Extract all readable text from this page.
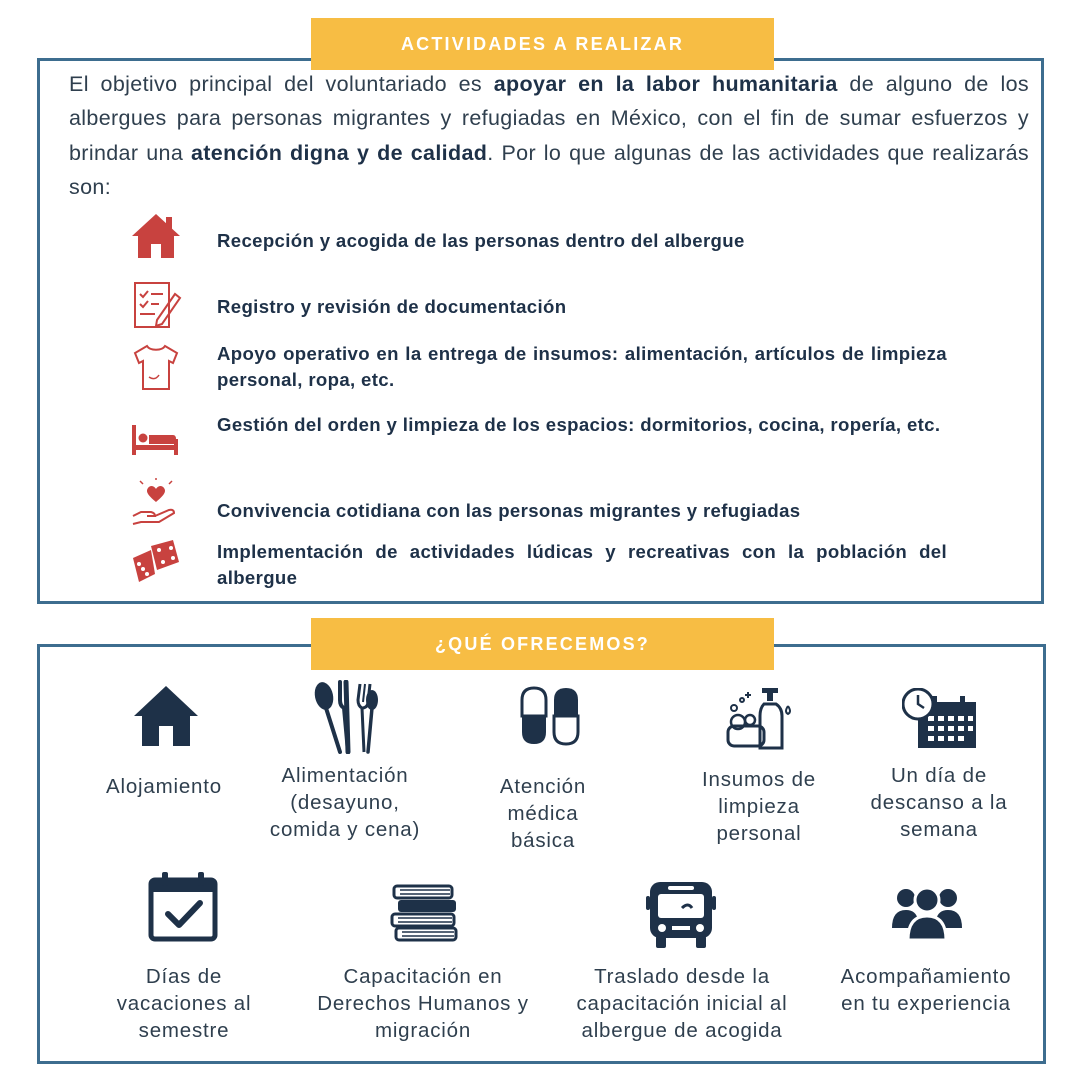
ACTIVIDADES A REALIZAR
El objetivo principal del voluntariado es apoyar en la labor humanitaria de alguno de los albergues para personas migrantes y refugiadas en México, con el fin de sumar esfuerzos y brindar una atención digna y de calidad. Por lo que algunas de las actividades que realizarás son:
Recepción y acogida de las personas dentro del albergue
Registro y revisión de documentación
Apoyo operativo en la entrega de insumos: alimentación, artículos de limpieza personal, ropa, etc.
Gestión del orden y limpieza de los espacios: dormitorios, cocina, ropería, etc.
Convivencia cotidiana con las personas migrantes y refugiadas
Implementación de actividades lúdicas y recreativas con la población del albergue
¿QUÉ OFRECEMOS?
Alojamiento	Alimentación (desayuno, comida y cena)
Atención médica básica
Insumos de limpieza personal
Un día de descanso a la semana
Días de vacaciones al semestre
Capacitación en Derechos Humanos y migración
Traslado desde la capacitación inicial al albergue de acogida
Acompañamiento en tu experiencia
